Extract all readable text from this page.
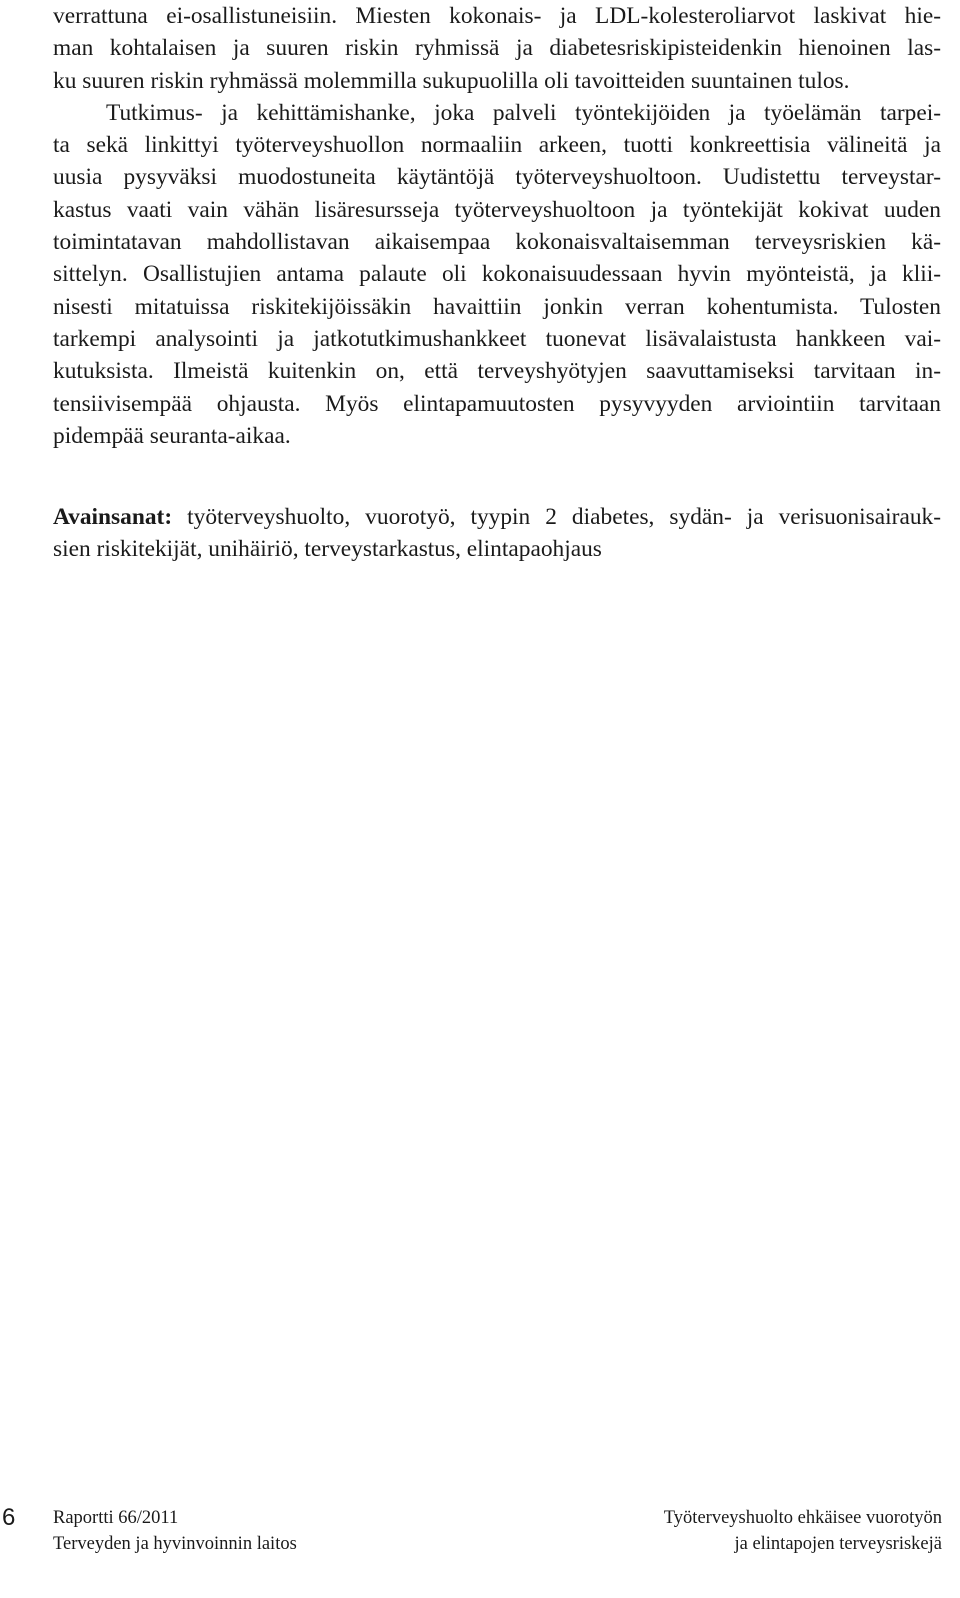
verrattuna ei-osallistuneisiin. Miesten kokonais- ja LDL-kolesteroliarvot laskivat hie-
man kohtalaisen ja suuren riskin ryhmissä ja diabetesriskipisteidenkin hienoinen las-
ku suuren riskin ryhmässä molemmilla sukupuolilla oli tavoitteiden suuntainen tulos.
Tutkimus- ja kehittämishanke, joka palveli työntekijöiden ja työelämän tarpei-
ta sekä linkittyi työterveyshuollon normaaliin arkeen, tuotti konkreettisia välineitä ja
uusia pysyväksi muodostuneita käytäntöjä työterveyshuoltoon. Uudistettu terveystar-
kastus vaati vain vähän lisäresursseja työterveyshuoltoon ja työntekijät kokivat uuden
toimintatavan mahdollistavan aikaisempaa kokonaisvaltaisemman terveysriskien kä-
sittelyn. Osallistujien antama palaute oli kokonaisuudessaan hyvin myönteistä, ja klii-
nisesti mitatuissa riskitekijöissäkin havaittiin jonkin verran kohentumista. Tulosten
tarkempi analysointi ja jatkotutkimushankkeet tuonevat lisävalaistusta hankkeen vai-
kutuksista. Ilmeistä kuitenkin on, että terveyshyötyjen saavuttamiseksi tarvitaan in-
tensiivisempää ohjausta. Myös elintapamuutosten pysyvyyden arviointiin tarvitaan
pidempää seuranta-aikaa.
Avainsanat: työterveyshuolto, vuorotyö, tyypin 2 diabetes, sydän- ja verisuonisairauk-
sien riskitekijät, unihäiriö, terveystarkastus, elintapaohjaus
6	Raportti 66/2011
Terveyden ja hyvinvoinnin laitos
Työterveyshuolto ehkäisee vuorotyön
ja elintapojen terveysriskejä
